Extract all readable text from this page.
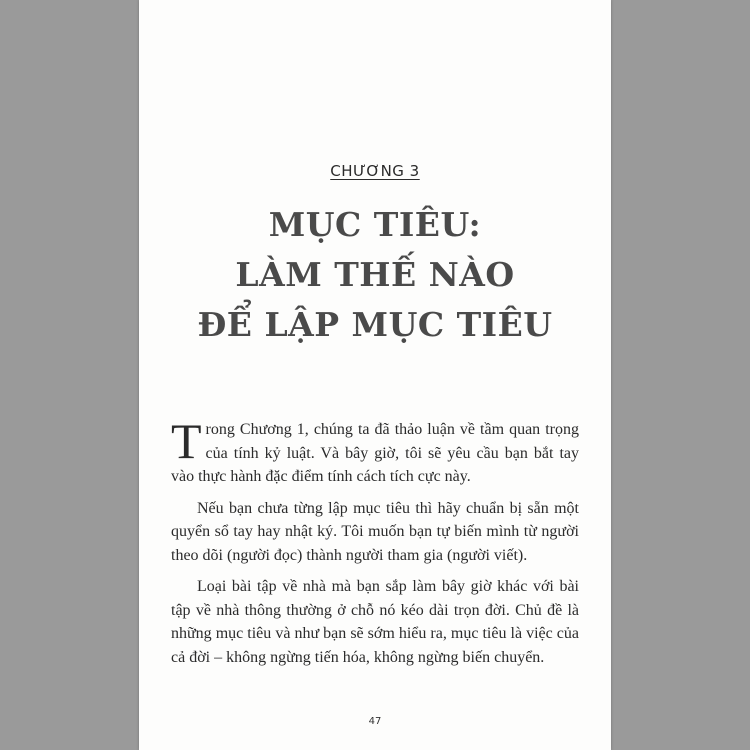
CHƯƠNG 3
MỤC TIÊU:
LÀM THẾ NÀO
ĐỂ LẬP MỤC TIÊU

Trong Chương 1, chúng ta đã thảo luận về tầm quan trọng của tính kỷ luật. Và bây giờ, tôi sẽ yêu cầu bạn bắt tay vào thực hành đặc điểm tính cách tích cực này.

Nếu bạn chưa từng lập mục tiêu thì hãy chuẩn bị sẵn một quyển sổ tay hay nhật ký. Tôi muốn bạn tự biến mình từ người theo dõi (người đọc) thành người tham gia (người viết).

Loại bài tập về nhà mà bạn sắp làm bây giờ khác với bài tập về nhà thông thường ở chỗ nó kéo dài trọn đời. Chủ đề là những mục tiêu và như bạn sẽ sớm hiểu ra, mục tiêu là việc của cả đời – không ngừng tiến hóa, không ngừng biến chuyển.

47
